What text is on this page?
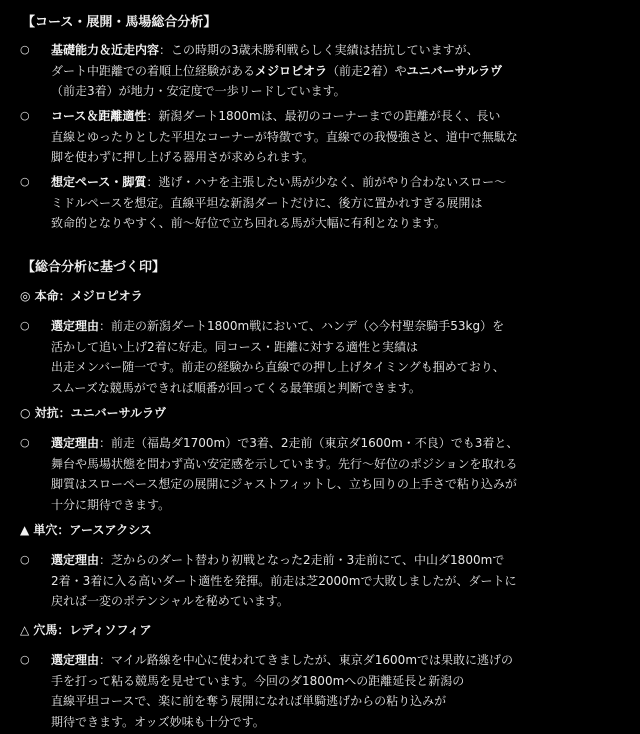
【コース・展開・馬場総合分析】
○ 基礎能力＆近走内容：この時期の3歳未勝利戦らしく実績は拮抗していますが、
ダート中距離での着順上位経験があるメジロピオラ（前走2着）やユニバーサルラヴ
（前走3着）が地力・安定度で一歩リードしています。
○ コース＆距離適性：新潟ダート1800mは、最初のコーナーまでの距離が長く、長い
直線とゆったりとした平坦なコーナーが特徴です。直線での我慢強さと、道中で無駄な
脚を使わずに押し上げる器用さが求められます。
○ 想定ペース・脚質：逃げ・ハナを主張したい馬が少なく、前がやり合わないスロー〜
ミドルペースを想定。直線平坦な新潟ダートだけに、後方に置かれすぎる展開は
致命的となりやすく、前〜好位で立ち回れる馬が大幅に有利となります。
【総合分析に基づく印】
◎ 本命：メジロピオラ
○ 選定理由：前走の新潟ダート1800m戦において、ハンデ（◇今村聖奈騎手53kg）を
活かして追い上げ2着に好走。同コース・距離に対する適性と実績は
出走メンバー随一です。前走の経験から直線での押し上げタイミングも掴めており、
スムーズな競馬ができれば順番が回ってくる最筆頭と判断できます。
○ 対抗：ユニバーサルラヴ
○ 選定理由：前走（福島ダ1700m）で3着、2走前（東京ダ1600m・不良）でも3着と、
舞台や馬場状態を問わず高い安定感を示しています。先行〜好位のポジションを取れる
脚質はスローペース想定の展開にジャストフィットし、立ち回りの上手さで粘り込みが
十分に期待できます。
▲ 単穴：アースアクシス
○ 選定理由：芝からのダート替わり初戦となった2走前・3走前にて、中山ダ1800mで
2着・3着に入る高いダート適性を発揮。前走は芝2000mで大敗しましたが、ダートに
戻れば一変のポテンシャルを秘めています。
△ 穴馬：レディソフィア
○ 選定理由：マイル路線を中心に使われてきましたが、東京ダ1600mでは果敢に逃げの
手を打って粘る競馬を見せています。今回のダ1800mへの距離延長と新潟の
直線平坦コースで、楽に前を奪う展開になれば単騎逃げからの粘り込みが
期待できます。オッズ妙味も十分です。
